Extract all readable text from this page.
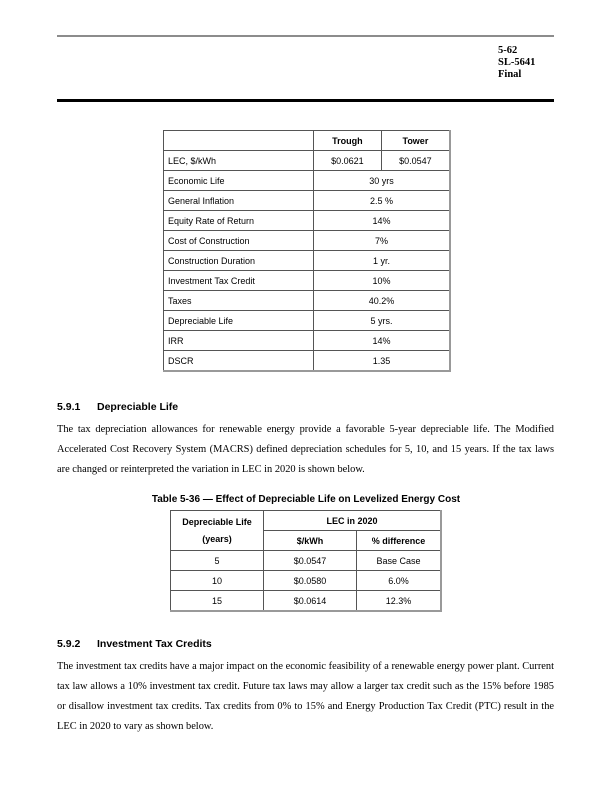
5-62
SL-5641
Final
	Trough	Tower
LEC, $/kWh	$0.0621	$0.0547
Economic Life	30 yrs	
General Inflation	2.5 %	
Equity Rate of Return	14%	
Cost of Construction	7%	
Construction Duration	1 yr.	
Investment Tax Credit	10%	
Taxes	40.2%	
Depreciable Life	5 yrs.	
IRR	14%	
DSCR	1.35	
5.9.1 Depreciable Life
The tax depreciation allowances for renewable energy provide a favorable 5-year depreciable life. The Modified Accelerated Cost Recovery System (MACRS) defined depreciation schedules for 5, 10, and 15 years. If the tax laws are changed or reinterpreted the variation in LEC in 2020 is shown below.
Table 5-36 — Effect of Depreciable Life on Levelized Energy Cost
Depreciable Life
(years)	LEC in 2020	
	$/kWh	% difference
5	$0.0547	Base Case
10	$0.0580	6.0%
15	$0.0614	12.3%
5.9.2 Investment Tax Credits
The investment tax credits have a major impact on the economic feasibility of a renewable energy power plant. Current tax law allows a 10% investment tax credit. Future tax laws may allow a larger tax credit such as the 15% before 1985 or disallow investment tax credits. Tax credits from 0% to 15% and Energy Production Tax Credit (PTC) result in the LEC in 2020 to vary as shown below.
